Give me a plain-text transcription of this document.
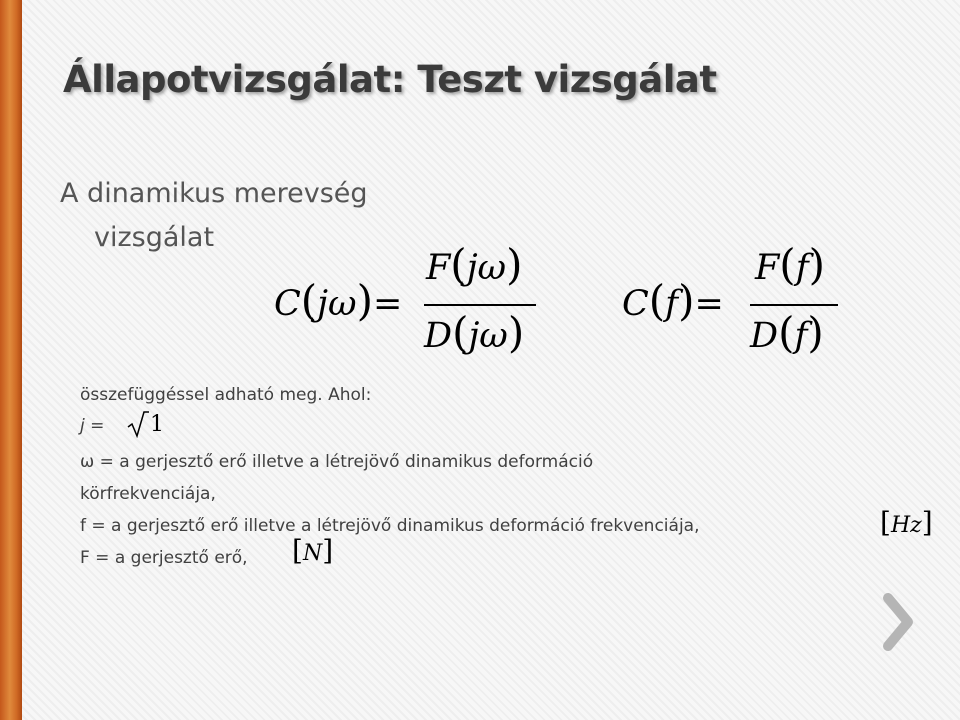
Állapotvizsgálat: Teszt vizsgálat
A dinamikus merevség
vizsgálat
C(jω)=
F(jω)
D(jω)
C(f)=
F(f)
D(f)
összefüggéssel adható meg. Ahol:
j = 1
ω = a gerjesztő erő illetve a létrejövő dinamikus deformáció
körfrekvenciája,
f = a gerjesztő erő illetve a létrejövő dinamikus deformáció frekvenciája,	[Hz]
F = a gerjesztő erő, [N]
